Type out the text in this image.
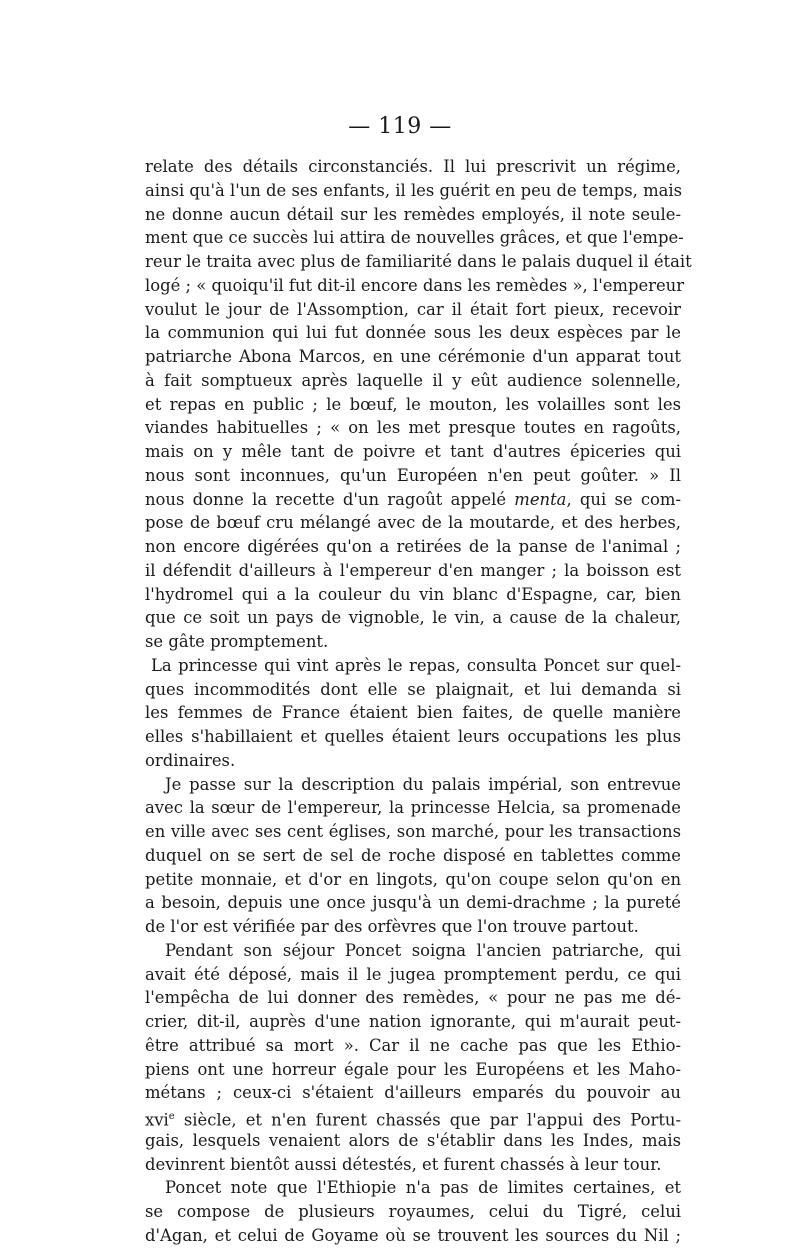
— 119 —
relate des détails circonstanciés. Il lui prescrivit un régime,
ainsi qu'à l'un de ses enfants, il les guérit en peu de temps, mais
ne donne aucun détail sur les remèdes employés, il note seule-
ment que ce succès lui attira de nouvelles grâces, et que l'empe-
reur le traita avec plus de familiarité dans le palais duquel il était
logé ; « quoiqu'il fut dit-il encore dans les remèdes », l'empereur
voulut le jour de l'Assomption, car il était fort pieux, recevoir
la communion qui lui fut donnée sous les deux espèces par le
patriarche Abona Marcos, en une cérémonie d'un apparat tout
à fait somptueux après laquelle il y eût audience solennelle,
et repas en public ; le bœuf, le mouton, les volailles sont les
viandes habituelles ; « on les met presque toutes en ragoûts,
mais on y mêle tant de poivre et tant d'autres épiceries qui
nous sont inconnues, qu'un Européen n'en peut goûter. » Il
nous donne la recette d'un ragoût appelé menta, qui se com-
pose de bœuf cru mélangé avec de la moutarde, et des herbes,
non encore digérées qu'on a retirées de la panse de l'animal ;
il défendit d'ailleurs à l'empereur d'en manger ; la boisson est
l'hydromel qui a la couleur du vin blanc d'Espagne, car, bien
que ce soit un pays de vignoble, le vin, a cause de la chaleur,
se gâte promptement.
La princesse qui vint après le repas, consulta Poncet sur quel-
ques incommodités dont elle se plaignait, et lui demanda si
les femmes de France étaient bien faites, de quelle manière
elles s'habillaient et quelles étaient leurs occupations les plus
ordinaires.
Je passe sur la description du palais impérial, son entrevue
avec la sœur de l'empereur, la princesse Helcia, sa promenade
en ville avec ses cent églises, son marché, pour les transactions
duquel on se sert de sel de roche disposé en tablettes comme
petite monnaie, et d'or en lingots, qu'on coupe selon qu'on en
a besoin, depuis une once jusqu'à un demi-drachme ; la pureté
de l'or est vérifiée par des orfèvres que l'on trouve partout.
Pendant son séjour Poncet soigna l'ancien patriarche, qui
avait été déposé, mais il le jugea promptement perdu, ce qui
l'empêcha de lui donner des remèdes, « pour ne pas me dé-
crier, dit-il, auprès d'une nation ignorante, qui m'aurait peut-
être attribué sa mort ». Car il ne cache pas que les Ethio-
piens ont une horreur égale pour les Européens et les Maho-
métans ; ceux-ci s'étaient d'ailleurs emparés du pouvoir au
xvi$^e$ siècle, et n'en furent chassés que par l'appui des Portu-
gais, lesquels venaient alors de s'établir dans les Indes, mais
devinrent bientôt aussi détestés, et furent chassés à leur tour.
Poncet note que l'Ethiopie n'a pas de limites certaines, et
se compose de plusieurs royaumes, celui du Tigré, celui
d'Agan, et celui de Goyame où se trouvent les sources du Nil ;
